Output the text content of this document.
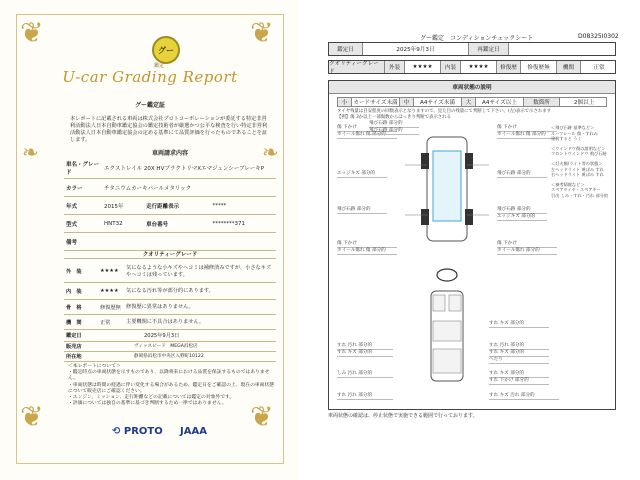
❦	❦
❦	❦
❧	❧
グー
鑑定
U-car Grading Report
グー鑑定証
本レポートに記載される車両は株式会社プロトコーポレーションが委託する特定非営利活動法人日本自動車鑑定協会の鑑定技術者が厳選かつ公平な検査を行い特定非営利活動法人日本自動車鑑定協会の定める基準にて品質評価を行ったものであることを証します。
車両請求内容
車名・グレード	エクストレイル 20X HVブラクトリマXエマジェンシーブレーキP		
カラー	チタニウムカーキパールメタリック		
年式	2015年	走行距離表示	*****
型式	HNT32	車台番号	********371
備考			
クオリティーグレード
外　装	★★★★ 気になるような小キズやヘコミは補修済みですが、小さなキズやヘコミは残っています。
内　装	★★★★ 気になる汚れ等が部分的にあります。
骨　格	修復歴無 修復歴に異常はありません。
機　関	正常	主要機関に不具合はありません。
鑑定日	2025年9月3日
販売店	ヴィッスピード　MEGA浜松店
所在地	静岡県浜松市中央区入野町10122
＜本レポートについて＞
・鑑定時点の車両状態を示すものであり、以降将来における品質を保証するものではありません。
・車両状態は時間の経過に伴い変化する場合があるため、鑑定日をご確認の上、現在の車両状態について販売店にご確認ください。
・エンジン、ミッション、走行距離などの記載については鑑定の対象外です。
・評価については独自の基準に基づき判断するため一律ではありません。
⟲ PROTO JAAA
D08325I0302
グー鑑定　コンディションチェックシート
鑑定日	2025年9月3日	再鑑定日
クオリティーグレード
外装	★★★★	内装	★★★★	修復歴	修復歴無	機関	正常
車両状態の説明
小	カードサイズ未満	中	A4サイズ未満	大	A4サイズ以上	数箇所	2個以上
タイヤ残量は目安程度の回数表示となりますので、見た目の残量にて判断して下さい。(左)表示で示されます
【例】傷 3か以上一部傷数からはっきり判断で表示される
傷 下かけ
ホイール傷れ 傷 部分的
飛び石跡 部分的
飛び石跡 部分的
傷 下かけ
ホイール傷れ 傷 部分的
エッジキズ 部分的	飛び石跡 部分的
飛び石跡 部分的	飛び石跡 部分的
エッジキズ 部分的
傷 下かけ
ホイール傷れ 傷 部分的
傷 下かけ
ホイール傷れ 部分的
すれ キズ 部分的
すれ 汚れ 部分的
すれ キズ 部分的
へたり
すれ 汚れ 部分的
すれ キズ 部分的
しみ 汚れ 部分的	すれ キズ 部分的
すれ 下かけ 部分的
すれ 汚れ 部分的	すれ キズ 汚れ 部分的
＜飛び石跡 基準など＞
ルーフレール 傷・すれみ
塗装すると うく
＜ウインドウ傷の説明など＞
フロントウインドウ 飛び石跡
＜灯火類/ライト等の状態＞
左ヘッドライト 黄ばみ すれ
右ヘッドライト 黄ばみ すれ
＜参考情報など＞
スペアタイヤ・スペアキー
引出 しみ・すれ・汚れ 部分的
車両状態の確認は、停止状態で実施できる範囲で行っております。
